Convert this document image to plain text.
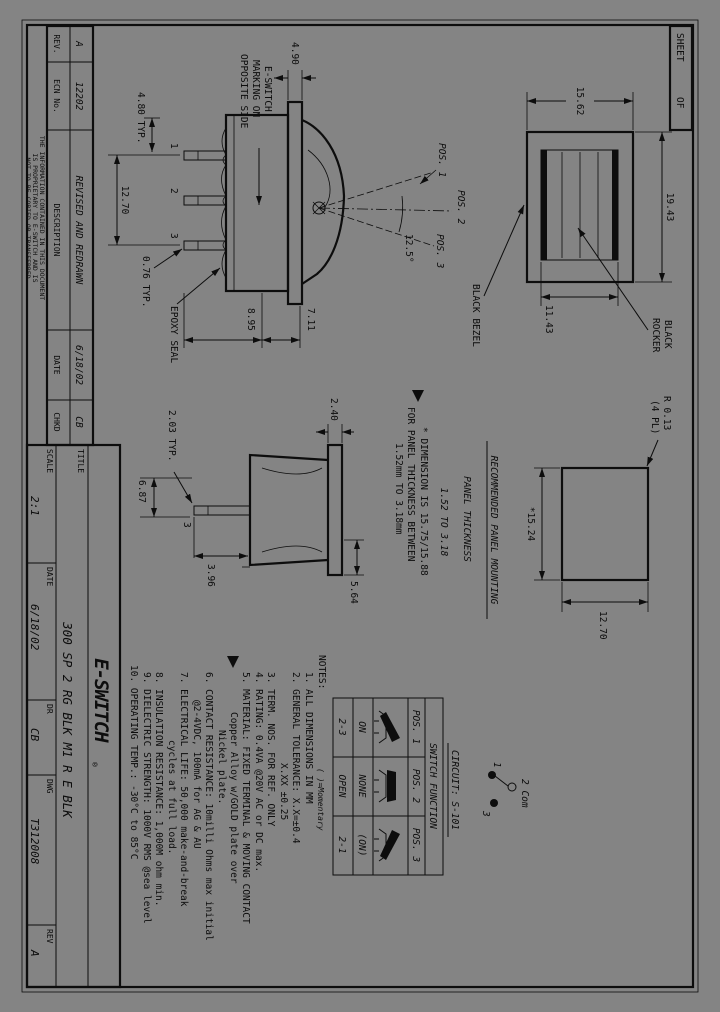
SHEET
OF
15.62
19.43
11.43
BLACK BEZEL	BLACK
ROCKER
*15.24
12.70
R 0.13
(4 PL)
RECOMMENDED PANEL MOUNTING
PANEL THICKNESS
1.52 TO 3.18
* DIMENSION IS 15.75/15.88
FOR PANEL THICKNESS BETWEEN
1.52mm TO 3.18mm
1
2
3
POS. 1
POS. 2
POS. 3
12.5°
4.90
E-SWITCH
MARKING ON
OPPOSITE SIDE
7.11
8.95
12.70
4.80 TYP.
0.76 TYP.
EPOXY SEAL
3
2.40
5.64
2.03 TYP.
6.87
3.96
SWITCH FUNCTION
POS. 1
POS. 2
POS. 3
ON
NONE
(ON)
2-3
OPEN
2-1
( )=Momentary
1
3
2 Com
CIRCUIT: S-101
NOTES:
1. ALL DIMENSIONS IN MM
2. GENERAL TOLERANCE: X.X=±0.4
X.XX ±0.25
3. TERM. NOS. FOR REF. ONLY
4. RATING: 0.4VA @20V AC or DC max.
5. MATERIAL: FIXED TERMINAL & MOVING CONTACT
Copper Alloy w/GOLD plate over
Nickel plate.
6. CONTACT RESISTANCE: 10milli Ohms max initial
@2-4VDC, 100mA for AG & AU
7. ELECTRICAL LIFE: 50,000 make-and-break
cycles at full load.
8. INSULATION RESISTANCE: 1,000M ohm min.
9. DIELECTRIC STRENGTH: 1000V RMS @sea level
10. OPERATING TEMP.: -30°C to 85°C
E-SWITCH
®
TITLE
300 SP 2 RG BLK M1 R E BLK
SCALE
2:1
DATE
6/18/02
DR
CB
DWG
T312008
REV
A
A
12202
REVISED AND REDRAWN
6/18/02
CB
REV.
ECN No.
DESCRIPTION
DATE
CHKD
THE INFORMATION CONTAINED IN THIS DOCUMENT
IS PROPRIETARY TO E-SWITCH AND IS
NOT TO BE COPIED OR TRANSFERRED
